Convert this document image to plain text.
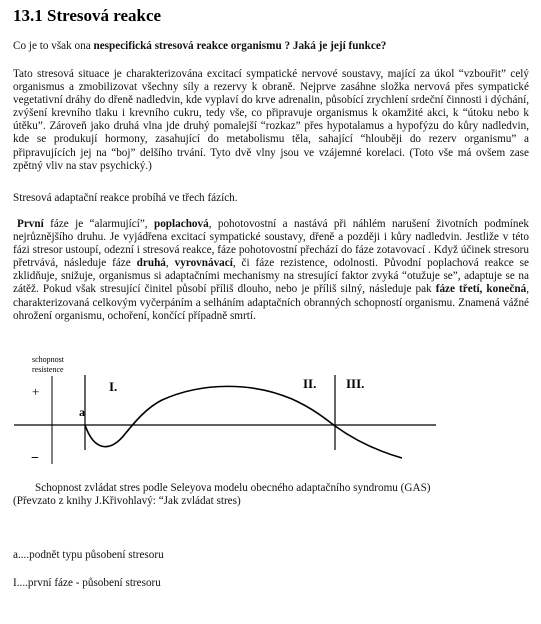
13.1 Stresová reakce

Co je to však ona nespecifická stresová reakce organismu ? Jaká je její funkce?

Tato stresová situace je charakterizována excitací sympatické nervové soustavy, mající za úkol “vzbouřit” celý organismus a zmobilizovat všechny síly a rezervy k obraně. Nejprve zasáhne složka nervová přes sympatické vegetativní dráhy do dřeně nadledvin, kde vyplaví do krve adrenalin, působící zrychlení srdeční činnosti i dýchání, zvýšení krevního tlaku i krevního cukru, tedy vše, co připravuje organismus k okamžité akci, k “útoku nebo k útěku”. Zároveň jako druhá vlna jde druhý pomalejší “rozkaz” přes hypotalamus a hypofýzu do kůry nadledvin, kde se produkují hormony, zasahující do metabolismu těla, sahající “hlouběji do rezerv organismu” a připravujících jej na “boj” delšího trvání. Tyto dvě vlny jsou ve vzájemné korelaci. (Toto vše má ovšem zase zpětný vliv na stav psychický.)

Stresová adaptační reakce probíhá ve třech fázích.

První fáze je “alarmující”, poplachová, pohotovostní a nastává při náhlém narušení životních podmínek nejrůznějšího druhu. Je vyjádřena excitací sympatické soustavy, dřeně a později i kůry nadledvin. Jestliže v této fázi stresor ustoupí, odezní i stresová reakce, fáze pohotovostní přechází do fáze zotavovací . Když účinek stresoru přetrvává, následuje fáze druhá, vyrovnávací, či fáze rezistence, odolnosti. Původní poplachová reakce se zklidňuje, snižuje, organismus si adaptačními mechanismy na stresující faktor zvyká “otužuje se”, adaptuje se na zátěž. Pokud však stresující činitel působí příliš dlouho, nebo je příliš silný, následuje pak fáze třetí, konečná, charakterizovaná celkovým vyčerpáním a selháním adaptačních obranných schopností organismu. Znamená vážné ohrožení organismu, ochoření, končící případně smrtí.

schopnost
resistence
+
−
I.	II. III.
a

Schopnost zvládat stres podle Seleyova modelu obecného adaptačního syndromu (GAS)
(Převzato z knihy J.Křivohlavý: “Jak zvládat stres)

a....podnět typu působení stresoru

I....první fáze - působení stresoru
